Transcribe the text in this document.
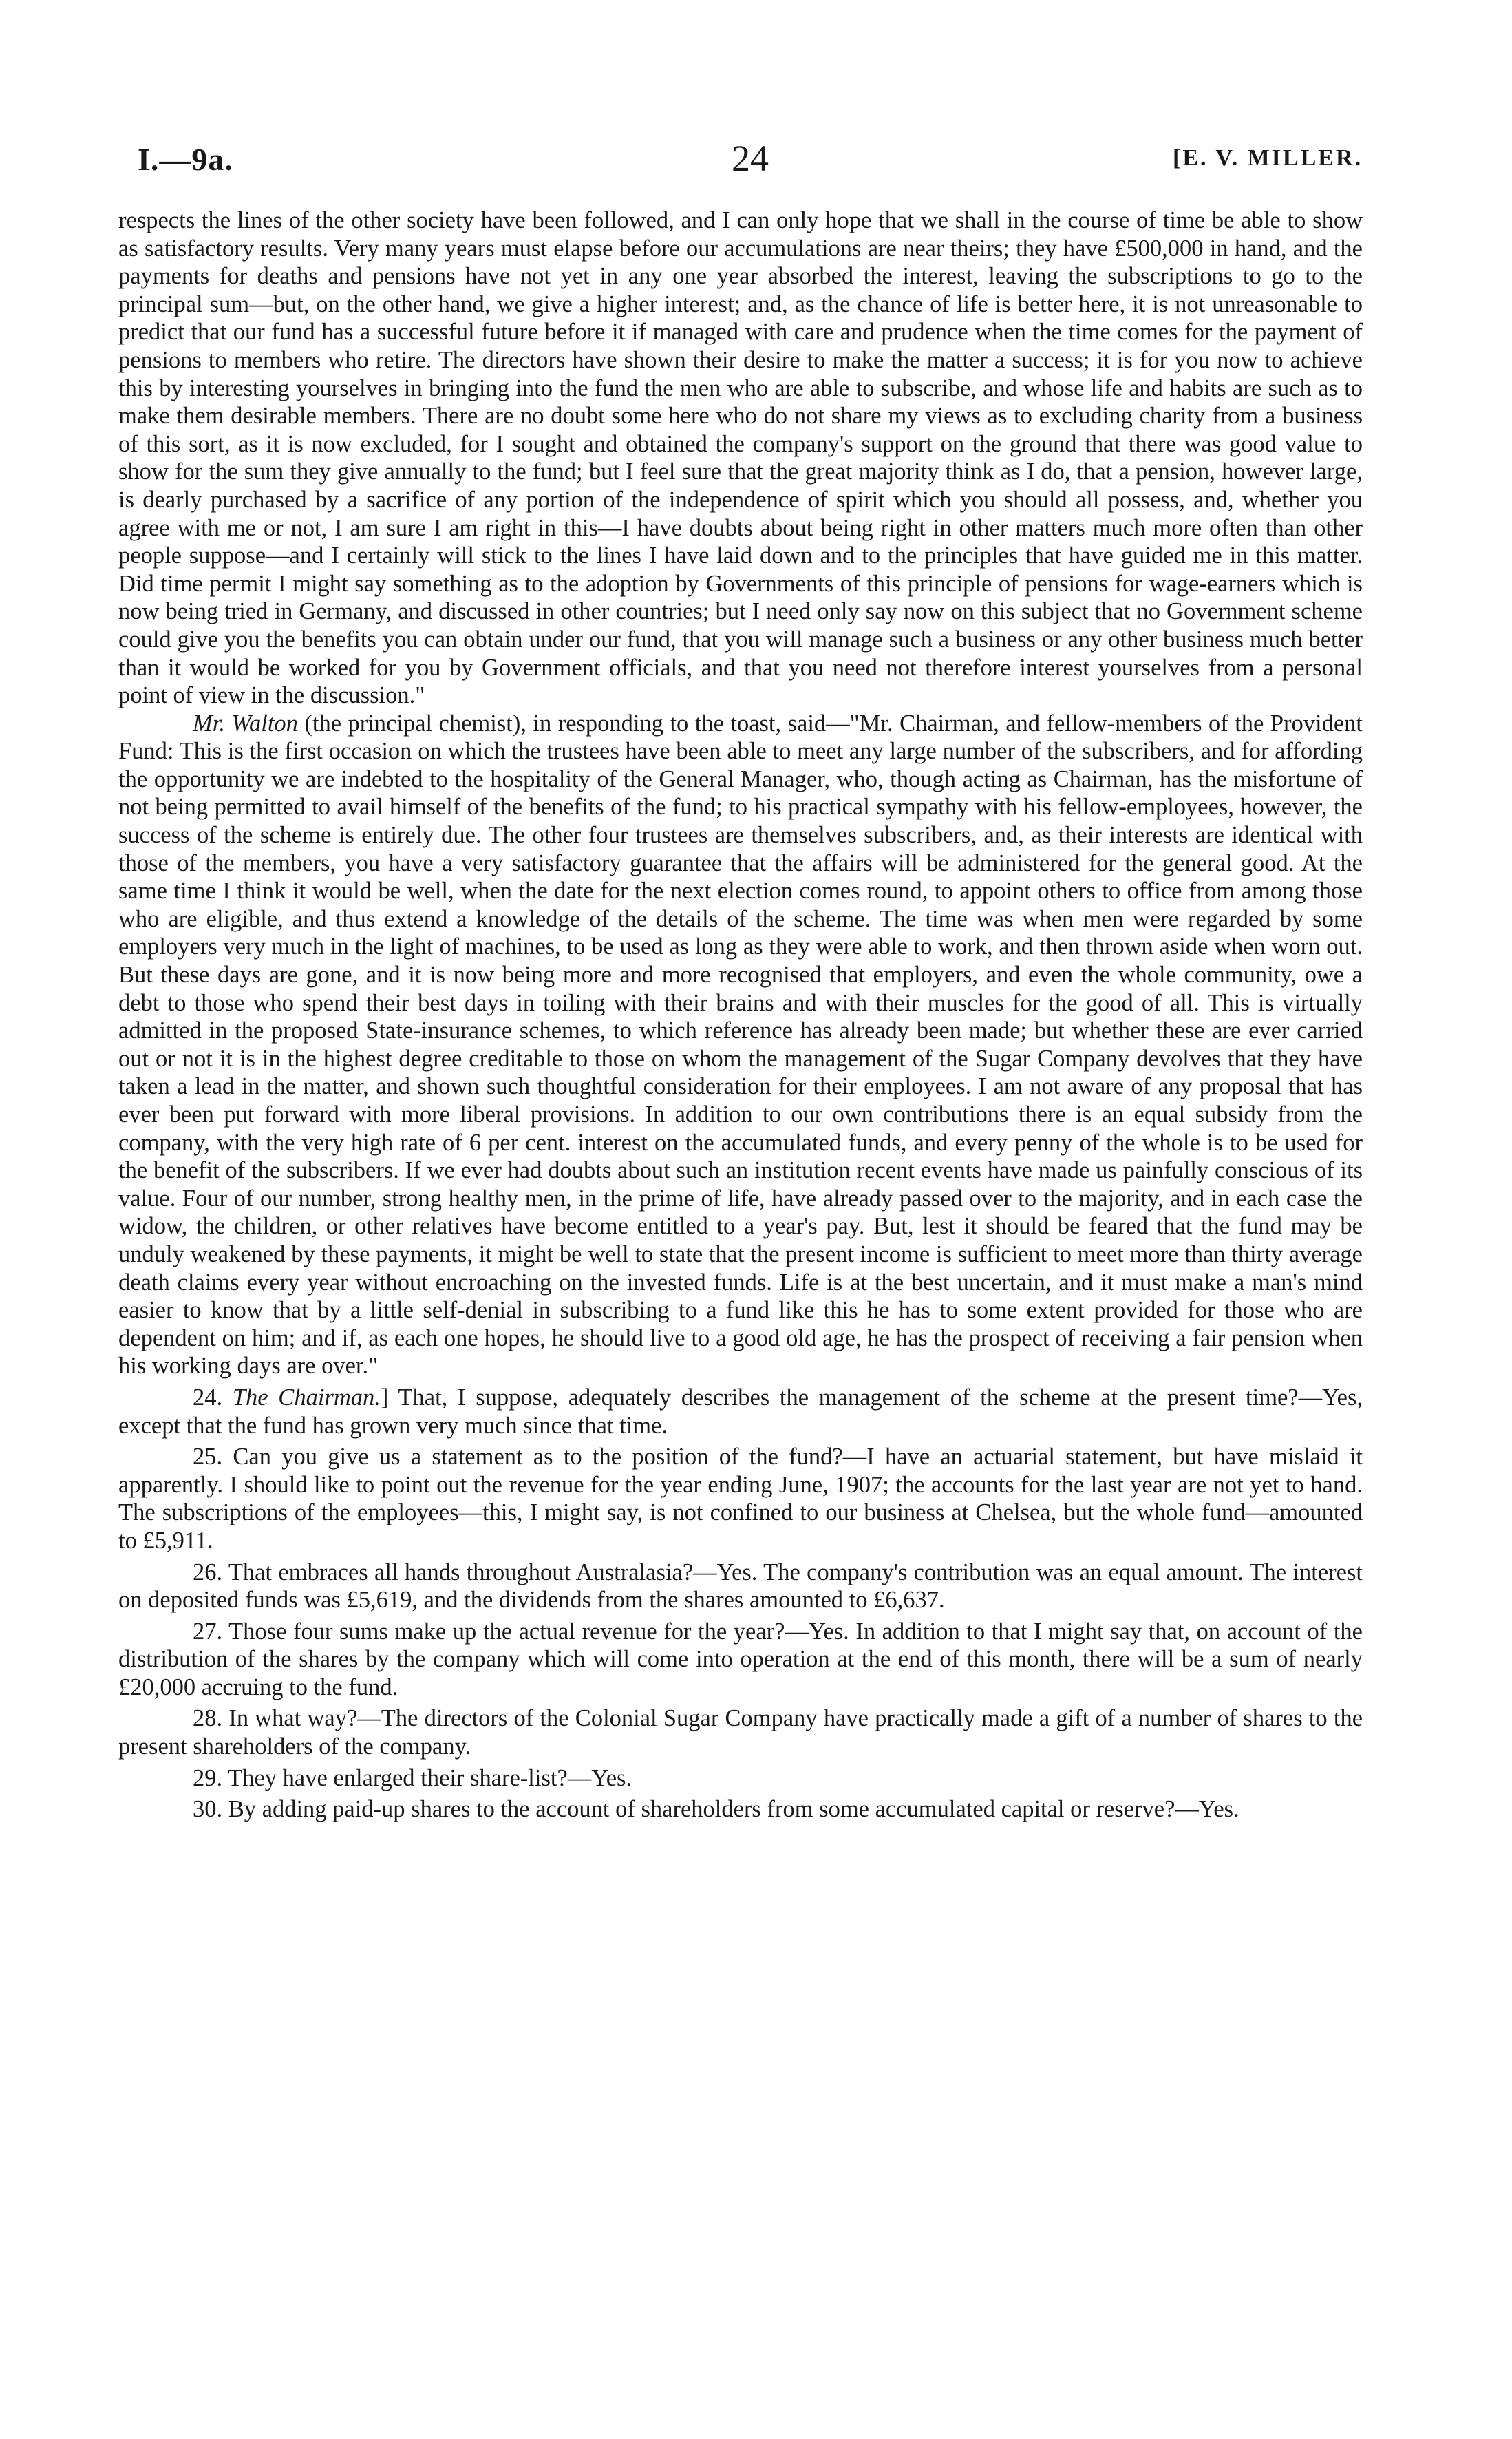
I.—9a.	24	[E. V. MILLER.

respects the lines of the other society have been followed, and I can only hope that we shall in the course of time be able to show as satisfactory results. Very many years must elapse before our accumulations are near theirs; they have £500,000 in hand, and the payments for deaths and pensions have not yet in any one year absorbed the interest, leaving the subscriptions to go to the principal sum—but, on the other hand, we give a higher interest; and, as the chance of life is better here, it is not unreasonable to predict that our fund has a successful future before it if managed with care and prudence when the time comes for the payment of pensions to members who retire. The directors have shown their desire to make the matter a success; it is for you now to achieve this by interesting yourselves in bringing into the fund the men who are able to subscribe, and whose life and habits are such as to make them desirable members. There are no doubt some here who do not share my views as to excluding charity from a business of this sort, as it is now excluded, for I sought and obtained the company's support on the ground that there was good value to show for the sum they give annually to the fund; but I feel sure that the great majority think as I do, that a pension, however large, is dearly purchased by a sacrifice of any portion of the independence of spirit which you should all possess, and, whether you agree with me or not, I am sure I am right in this—I have doubts about being right in other matters much more often than other people suppose—and I certainly will stick to the lines I have laid down and to the principles that have guided me in this matter. Did time permit I might say something as to the adoption by Governments of this principle of pensions for wage-earners which is now being tried in Germany, and discussed in other countries; but I need only say now on this subject that no Government scheme could give you the benefits you can obtain under our fund, that you will manage such a business or any other business much better than it would be worked for you by Government officials, and that you need not therefore interest yourselves from a personal point of view in the discussion."

Mr. Walton (the principal chemist), in responding to the toast, said—"Mr. Chairman, and fellow-members of the Provident Fund: This is the first occasion on which the trustees have been able to meet any large number of the subscribers, and for affording the opportunity we are indebted to the hospitality of the General Manager, who, though acting as Chairman, has the misfortune of not being permitted to avail himself of the benefits of the fund; to his practical sympathy with his fellow-employees, however, the success of the scheme is entirely due. The other four trustees are themselves subscribers, and, as their interests are identical with those of the members, you have a very satisfactory guarantee that the affairs will be administered for the general good. At the same time I think it would be well, when the date for the next election comes round, to appoint others to office from among those who are eligible, and thus extend a knowledge of the details of the scheme. The time was when men were regarded by some employers very much in the light of machines, to be used as long as they were able to work, and then thrown aside when worn out. But these days are gone, and it is now being more and more recognised that employers, and even the whole community, owe a debt to those who spend their best days in toiling with their brains and with their muscles for the good of all. This is virtually admitted in the proposed State-insurance schemes, to which reference has already been made; but whether these are ever carried out or not it is in the highest degree creditable to those on whom the management of the Sugar Company devolves that they have taken a lead in the matter, and shown such thoughtful consideration for their employees. I am not aware of any proposal that has ever been put forward with more liberal provisions. In addition to our own contributions there is an equal subsidy from the company, with the very high rate of 6 per cent. interest on the accumulated funds, and every penny of the whole is to be used for the benefit of the subscribers. If we ever had doubts about such an institution recent events have made us painfully conscious of its value. Four of our number, strong healthy men, in the prime of life, have already passed over to the majority, and in each case the widow, the children, or other relatives have become entitled to a year's pay. But, lest it should be feared that the fund may be unduly weakened by these payments, it might be well to state that the present income is sufficient to meet more than thirty average death claims every year without encroaching on the invested funds. Life is at the best uncertain, and it must make a man's mind easier to know that by a little self-denial in subscribing to a fund like this he has to some extent provided for those who are dependent on him; and if, as each one hopes, he should live to a good old age, he has the prospect of receiving a fair pension when his working days are over."

24. The Chairman.] That, I suppose, adequately describes the management of the scheme at the present time?—Yes, except that the fund has grown very much since that time.

25. Can you give us a statement as to the position of the fund?—I have an actuarial statement, but have mislaid it apparently. I should like to point out the revenue for the year ending June, 1907; the accounts for the last year are not yet to hand. The subscriptions of the employees—this, I might say, is not confined to our business at Chelsea, but the whole fund—amounted to £5,911.

26. That embraces all hands throughout Australasia?—Yes. The company's contribution was an equal amount. The interest on deposited funds was £5,619, and the dividends from the shares amounted to £6,637.

27. Those four sums make up the actual revenue for the year?—Yes. In addition to that I might say that, on account of the distribution of the shares by the company which will come into operation at the end of this month, there will be a sum of nearly £20,000 accruing to the fund.

28. In what way?—The directors of the Colonial Sugar Company have practically made a gift of a number of shares to the present shareholders of the company.

29. They have enlarged their share-list?—Yes.

30. By adding paid-up shares to the account of shareholders from some accumulated capital or reserve?—Yes.
